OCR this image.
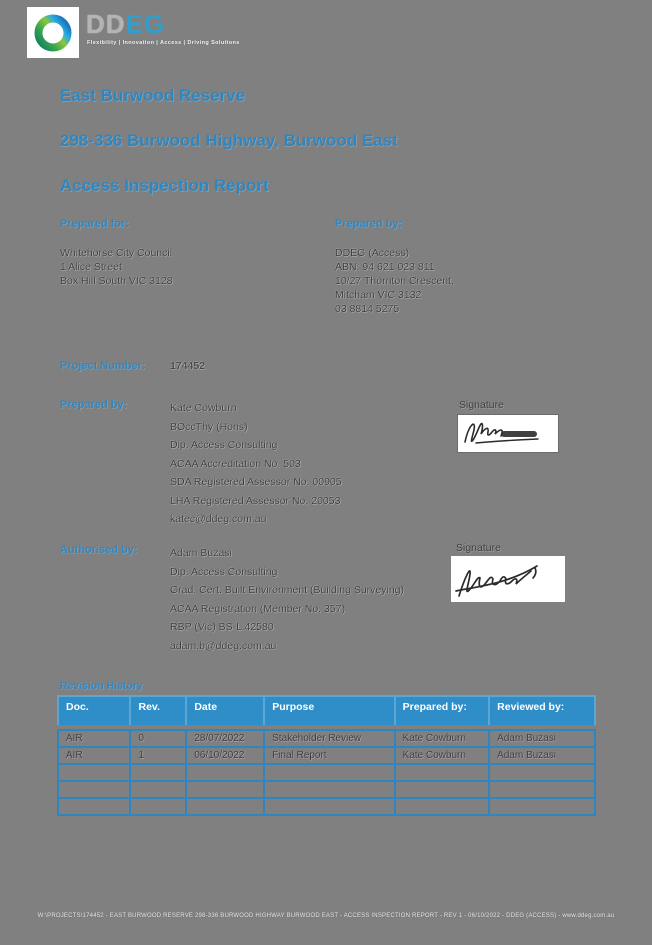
DDEG
Flexibility | Innovation | Access | Driving Solutions
East Burwood Reserve
298-336 Burwood Highway, Burwood East
Access Inspection Report
Prepared for:
Whitehorse City Council
1 Alice Street
Box Hill South VIC 3128
Prepared by:
DDEG (Access)
ABN: 94 621 023 811
10/27 Thornton Crescent,
Mitcham VIC 3132
03 8814 5275
Project Number: 174452
Prepared by:	Kate Cowburn
BOccThy (Hons)
Dip. Access Consulting
ACAA Accreditation No. 503
SDA Registered Assessor No. 00905
LHA Registered Assessor No. 20053
katec@ddeg.com.au
Signature
Authorised by:	Adam Buzasi
Dip. Access Consulting
Grad. Cert. Built Environment (Building Surveying)
ACAA Registration (Member No. 357)
RBP (Vic) BS-L 42580
adam.b@ddeg.com.au
Signature
Revision History
Doc.	Rev.	Date	Purpose	Prepared by:	Reviewed by:

AIR	0	28/07/2022	Stakeholder Review	Kate Cowburn	Adam Buzasi
AIR	1	06/10/2022	Final Report	Kate Cowburn	Adam Buzasi

W:\PROJECTS\174452 - EAST BURWOOD RESERVE 298-336 BURWOOD HIGHWAY BURWOOD EAST - ACCESS INSPECTION REPORT - REV 1 - 06/10/2022 - DDEG (ACCESS) - www.ddeg.com.au
